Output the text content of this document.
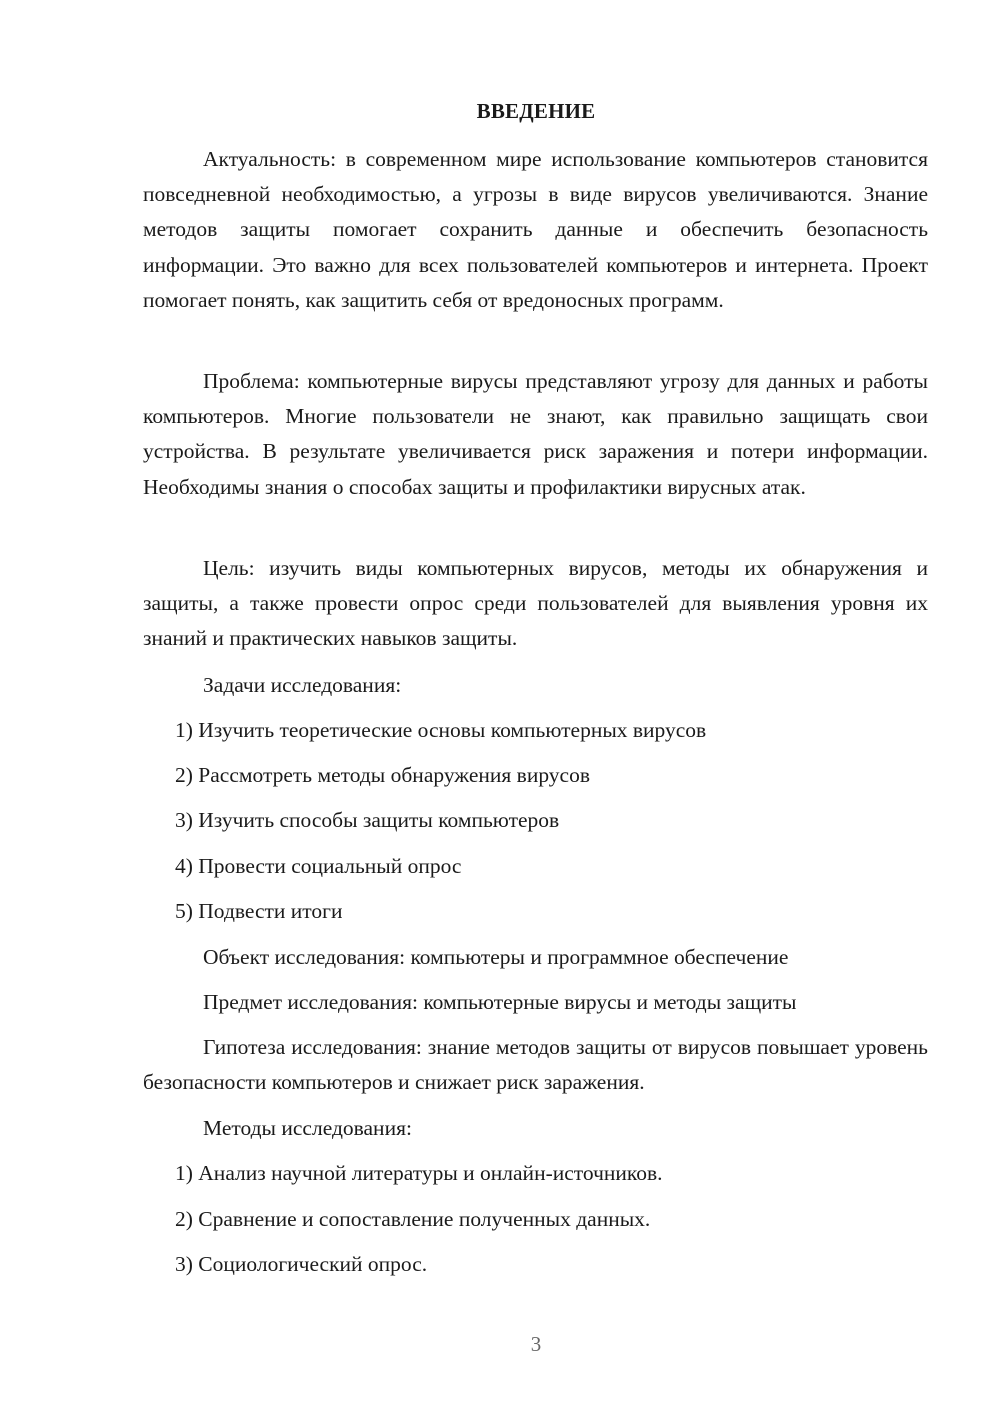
ВВЕДЕНИЕ

Актуальность: в современном мире использование компьютеров становится повседневной необходимостью, а угрозы в виде вирусов увеличиваются. Знание методов защиты помогает сохранить данные и обеспечить безопасность информации. Это важно для всех пользователей компьютеров и интернета. Проект помогает понять, как защитить себя от вредоносных программ.

Проблема: компьютерные вирусы представляют угрозу для данных и работы компьютеров. Многие пользователи не знают, как правильно защищать свои устройства. В результате увеличивается риск заражения и потери информации. Необходимы знания о способах защиты и профилактики вирусных атак.

Цель: изучить виды компьютерных вирусов, методы их обнаружения и защиты, а также провести опрос среди пользователей для выявления уровня их знаний и практических навыков защиты.

Задачи исследования:
1) Изучить теоретические основы компьютерных вирусов
2) Рассмотреть методы обнаружения вирусов
3) Изучить способы защиты компьютеров
4) Провести социальный опрос
5) Подвести итоги
Объект исследования: компьютеры и программное обеспечение
Предмет исследования: компьютерные вирусы и методы защиты

Гипотеза исследования: знание методов защиты от вирусов повышает уровень безопасности компьютеров и снижает риск заражения.

Методы исследования:
1) Анализ научной литературы и онлайн-источников.
2) Сравнение и сопоставление полученных данных.
3) Социологический опрос.
3
